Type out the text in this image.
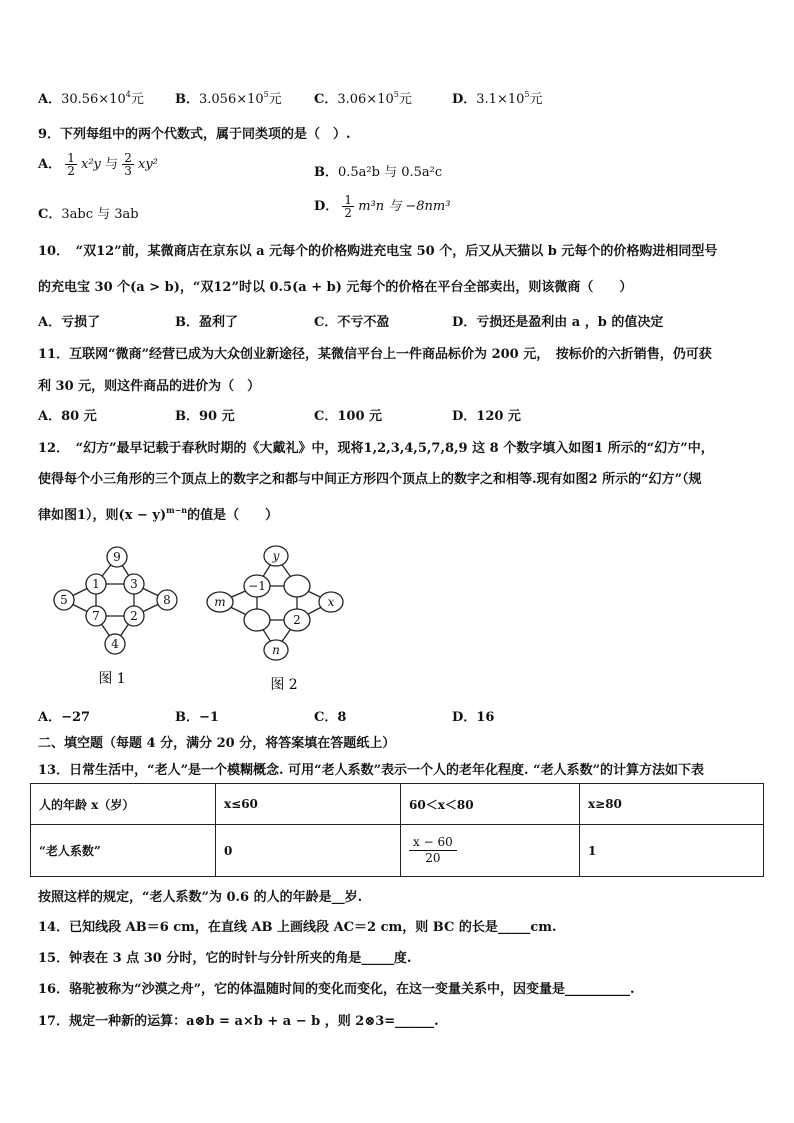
A．$30.56\times 10^4$元 B．$3.056\times 10^5$元 C．$3.06\times 10^5$元	D．$3.1\times 10^5$元
9．下列每组中的两个代数式，属于同类项的是（　）.
A． $\frac{1}{2} x^2y$ 与 $\frac{2}{3} xy^2$
B．0.5a²b 与 0.5a²c
C．3abc 与 3ab
D． $\frac{1}{2} m^3n$ 与 −8nm³
10．　“双12”前，某微商店在京东以 a 元每个的价格购进充电宝 50 个，后又从天猫以 b 元每个的价格购进相同型号
的充电宝 30 个(a > b)，“双12”时以 0.5(a + b) 元每个的价格在平台全部卖出，则该微商（　　）
A．亏损了	B．盈利了	C．不亏不盈	D．亏损还是盈利由 a ，b 的值决定
11．互联网“微商”经营已成为大众创业新途径，某微信平台上一件商品标价为 200 元，　按标价的六折销售，仍可获
利 30 元，则这件商品的进价为（　）
A．80 元	B．90 元	C．100 元	D．120 元
12．　“幻方”最早记载于春秋时期的《大戴礼》中，现将1,2,3,4,5,7,8,9 这 8 个数字填入如图1 所示的“幻方”中，
使得每个小三角形的三个顶点上的数字之和都与中间正方形四个顶点上的数字之和相等.现有如图2 所示的“幻方”（规
律如图1），则$(x - y)^{m-n}$的值是（　　）
9
1	3
5	8
7	2
4
图 1
y
−1
m	x
2
n
图 2
A．−27	B．−1	C．8	D．16
二、填空题（每题 4 分，满分 20 分，将答案填在答题纸上）
13．日常生活中，“老人”是一个模糊概念. 可用“老人系数”表示一个人的老年化程度. “老人系数”的计算方法如下表
人的年龄 x（岁）	x≤60	60＜x＜80	x≥80
“老人系数”	0	$\frac{x - 60}{20}$	1
按照这样的规定，“老人系数”为 0.6 的人的年龄是__岁.
14．已知线段 AB＝6 cm，在直线 AB 上画线段 AC＝2 cm，则 BC 的长是_____cm.
15．钟表在 3 点 30 分时，它的时针与分针所夹的角是_____度.
16．骆驼被称为“沙漠之舟”，它的体温随时间的变化而变化，在这一变量关系中，因变量是__________.
17．规定一种新的运算：a⊗b = a×b + a − b ，则 2⊗3=______.
